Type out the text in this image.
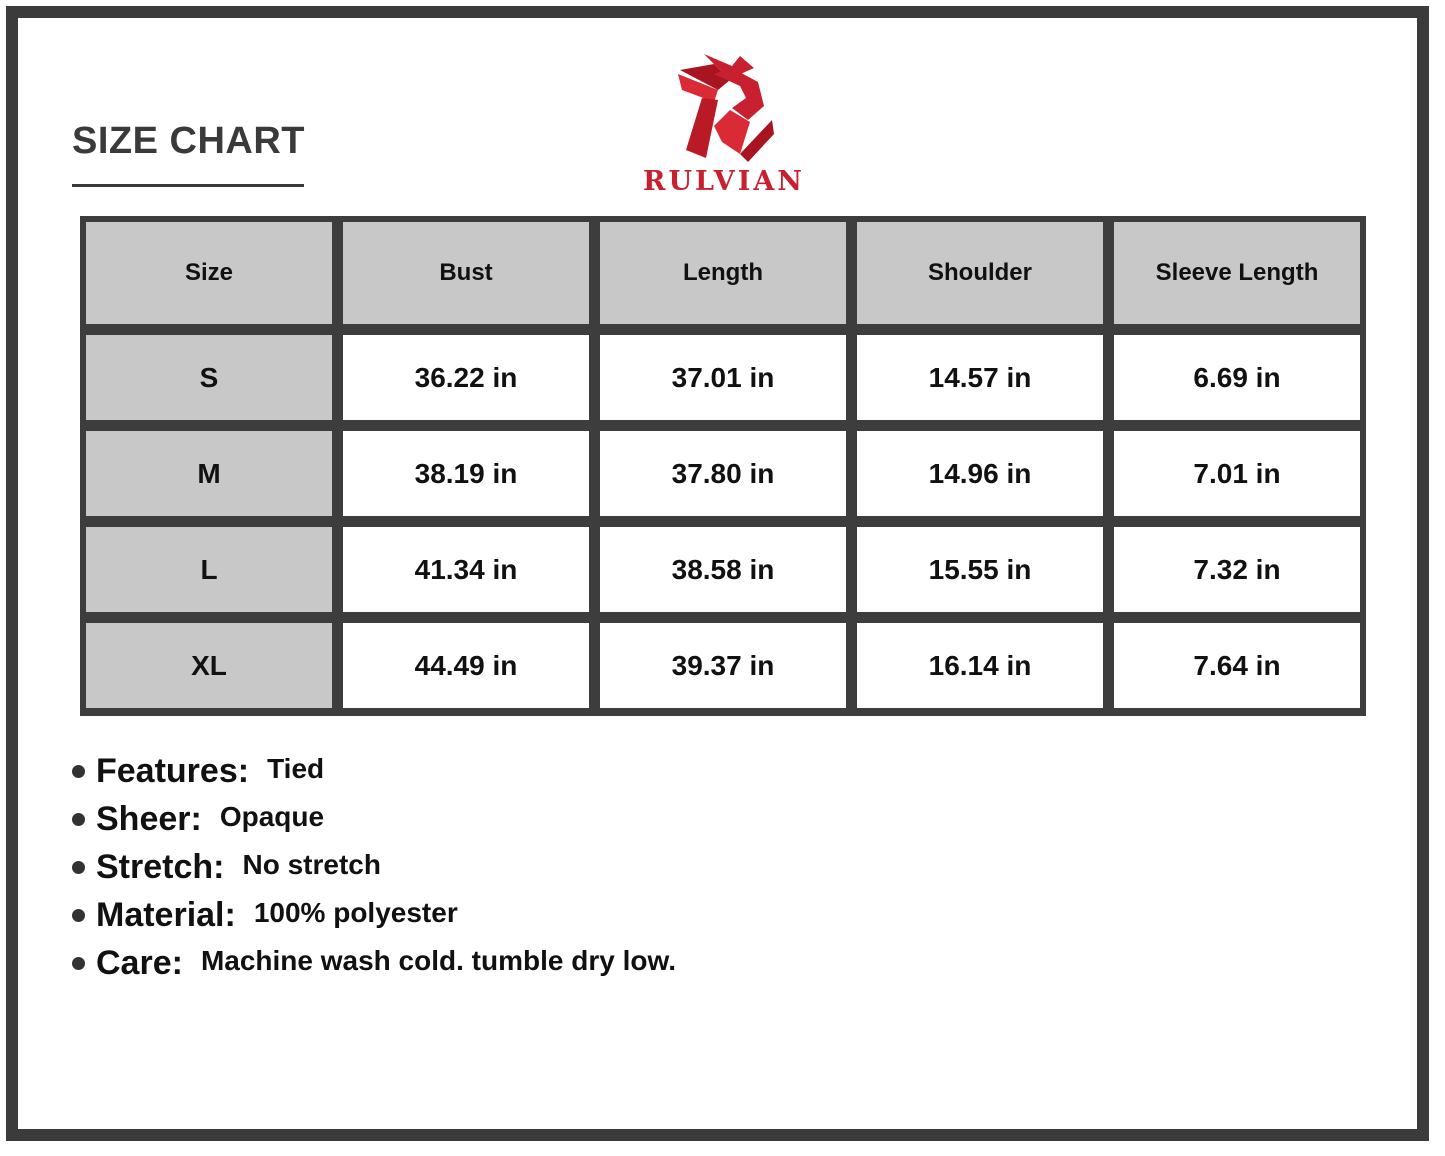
SIZE CHART
RULVIAN
Size	Bust	Length	Shoulder	Sleeve Length
S	36.22 in	37.01 in	14.57 in	6.69 in
M	38.19 in	37.80 in	14.96 in	7.01 in
L	41.34 in	38.58 in	15.55 in	7.32 in
XL	44.49 in	39.37 in	16.14 in	7.64 in
Features: Tied
Sheer: Opaque
Stretch: No stretch
Material: 100% polyester
Care: Machine wash cold. tumble dry low.
